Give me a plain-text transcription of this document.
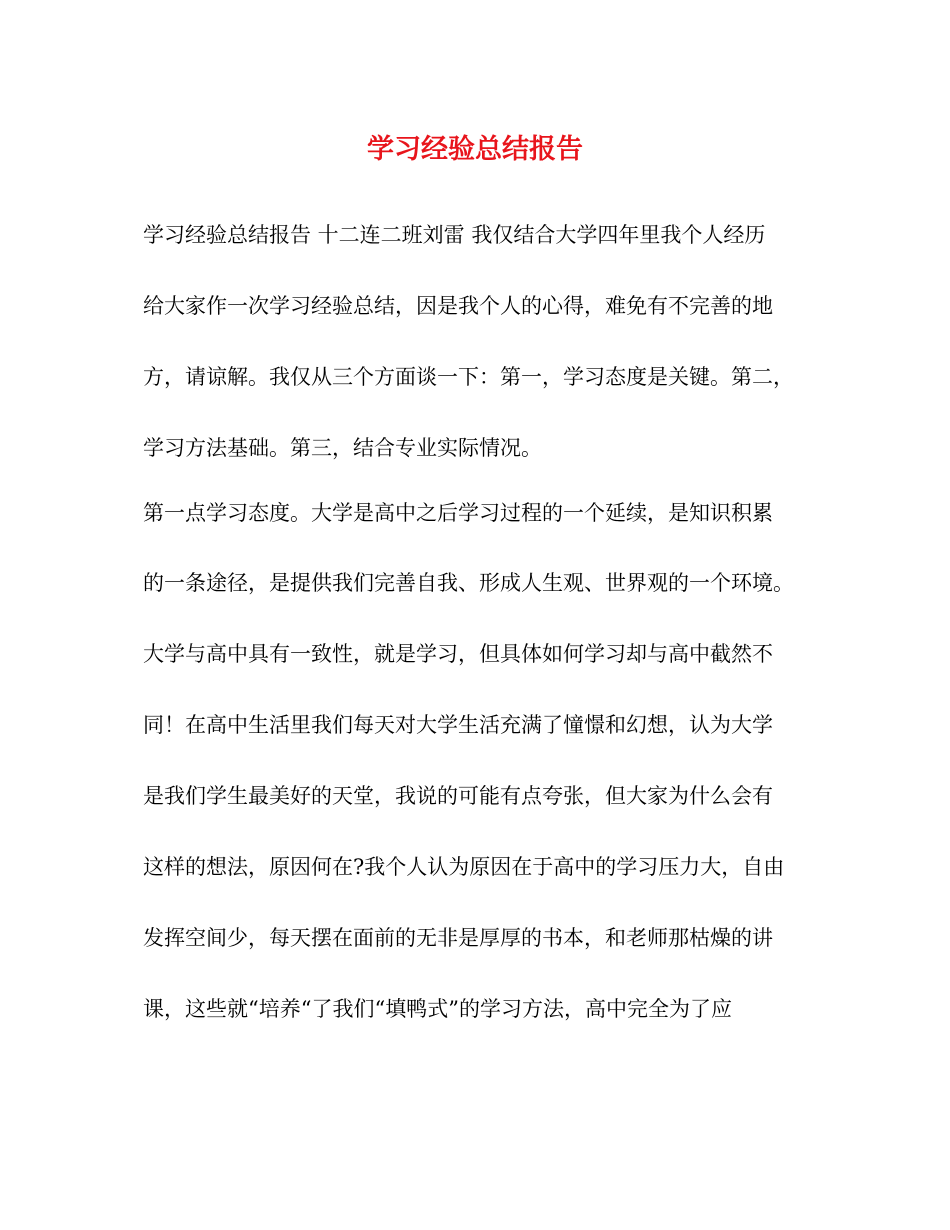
学习经验总结报告

学习经验总结报告 十二连二班刘雷 我仅结合大学四年里我个人经历

给大家作一次学习经验总结，因是我个人的心得，难免有不完善的地

方，请谅解。我仅从三个方面谈一下：第一，学习态度是关键。第二，

学习方法基础。第三，结合专业实际情况。

第一点学习态度。大学是高中之后学习过程的一个延续，是知识积累

的一条途径，是提供我们完善自我、形成人生观、世界观的一个环境。

大学与高中具有一致性，就是学习，但具体如何学习却与高中截然不

同！在高中生活里我们每天对大学生活充满了憧憬和幻想，认为大学

是我们学生最美好的天堂，我说的可能有点夸张，但大家为什么会有

这样的想法，原因何在?我个人认为原因在于高中的学习压力大，自由

发挥空间少，每天摆在面前的无非是厚厚的书本，和老师那枯燥的讲

课，这些就“培养“了我们“填鸭式”的学习方法，高中完全为了应
